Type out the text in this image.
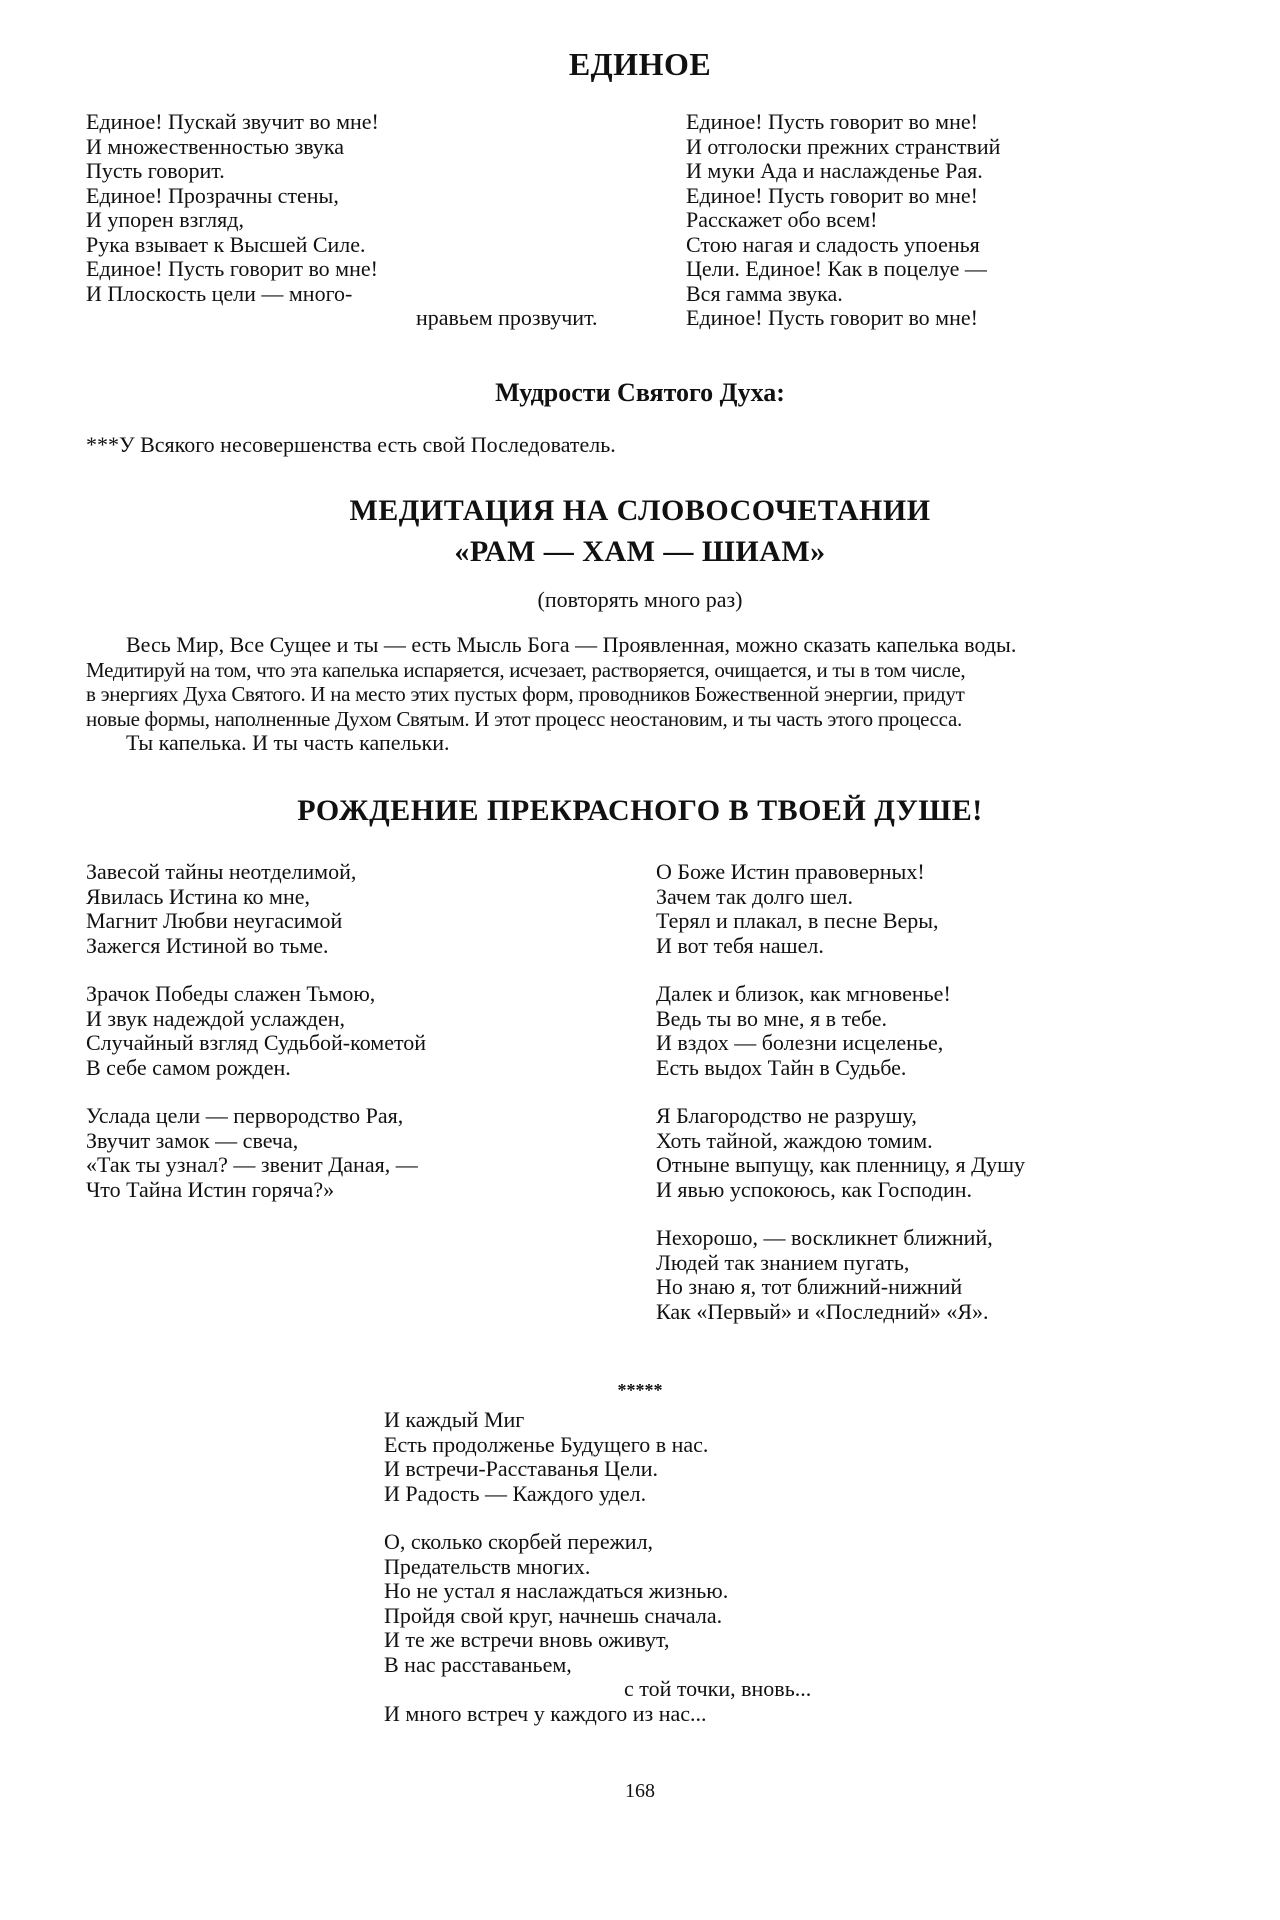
ЕДИНОЕ
Единое! Пускай звучит во мне!
И множественностью звука
Пусть говорит.
Единое! Прозрачны стены,
И упорен взгляд,
Рука взывает к Высшей Силе.
Единое! Пусть говорит во мне!
И Плоскость цели — много-
нравьем прозвучит.
Единое! Пусть говорит во мне!
И отголоски прежних странствий
И муки Ада и наслажденье Рая.
Единое! Пусть говорит во мне!
Расскажет обо всем!
Стою нагая и сладость упоенья
Цели. Единое! Как в поцелуе —
Вся гамма звука.
Единое! Пусть говорит во мне!
Мудрости Святого Духа:
***У Всякого несовершенства есть свой Последователь.
МЕДИТАЦИЯ НА СЛОВОСОЧЕТАНИИ
«РАМ — ХАМ — ШИАМ»
(повторять много раз)
Весь Мир, Все Сущее и ты — есть Мысль Бога — Проявленная, можно сказать капелька воды.
Медитируй на том, что эта капелька испаряется, исчезает, растворяется, очищается, и ты в том числе,
в энергиях Духа Святого. И на место этих пустых форм, проводников Божественной энергии, придут
новые формы, наполненные Духом Святым. И этот процесс неостановим, и ты часть этого процесса.
Ты капелька. И ты часть капельки.
РОЖДЕНИЕ ПРЕКРАСНОГО В ТВОЕЙ ДУШЕ!
Завесой тайны неотделимой,
Явилась Истина ко мне,
Магнит Любви неугасимой
Зажегся Истиной во тьме.
Зрачок Победы слажен Тьмою,
И звук надеждой услажден,
Случайный взгляд Судьбой-кометой
В себе самом рожден.
Услада цели — первородство Рая,
Звучит замок — свеча,
«Так ты узнал? — звенит Даная, —
Что Тайна Истин горяча?»
О Боже Истин правоверных!
Зачем так долго шел.
Терял и плакал, в песне Веры,
И вот тебя нашел.
Далек и близок, как мгновенье!
Ведь ты во мне, я в тебе.
И вздох — болезни исцеленье,
Есть выдох Тайн в Судьбе.
Я Благородство не разрушу,
Хоть тайной, жаждою томим.
Отныне выпущу, как пленницу, я Душу
И явью успокоюсь, как Господин.
Нехорошо, — воскликнет ближний,
Людей так знанием пугать,
Но знаю я, тот ближний-нижний
Как «Первый» и «Последний» «Я».
*****
И каждый Миг
Есть продолженье Будущего в нас.
И встречи-Расставанья Цели.
И Радость — Каждого удел.
О, сколько скорбей пережил,
Предательств многих.
Но не устал я наслаждаться жизнью.
Пройдя свой круг, начнешь сначала.
И те же встречи вновь оживут,
В нас расставаньем,
с той точки, вновь...
И много встреч у каждого из нас...
168
